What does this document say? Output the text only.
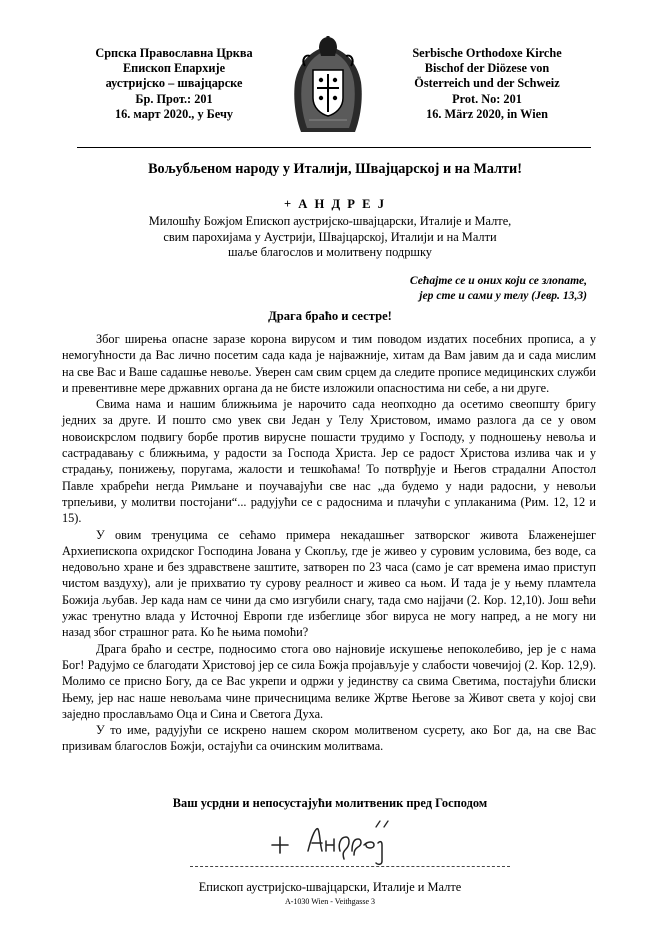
Српска Православна Црква
Епископ Епархије
аустријско – швајцарске
Бр. Прот.: 201
16. март 2020., у Бечу
Serbische Orthodoxe Kirche
Bischof der Diözese von
Österreich und der Schweiz
Prot. No: 201
16. März 2020, in Wien
Вољубљеном народу у Италији, Швајцарској и на Малти!
+ А Н Д Р Е Ј
Милошћу Божјом Епископ аустријско-швајцарски, Италије и Малте,
свим парохијама у Аустрији, Швајцарској, Италији и на Малти
шаље благослов и молитвену подршку
Сећајте се и оних који се злопате,
јер сте и сами у телу (Јевр. 13,3)
Драга браћо и сестре!

Због ширења опасне заразе корона вирусом и тим поводом издатих посебних прописа, а у немогућности да Вас лично посетим сада када је најважније, хитам да Вам јавим да и сада мислим на све Вас и Ваше садашње невоље. Уверен сам свим срцем да следите прописе медицинских служби и превентивне мере државних органа да не бисте изложили опасностима ни себе, а ни друге.

Свима нама и нашим ближњима је нарочито сада неопходно да осетимо свеопшту бригу једних за друге. И пошто смо увек сви Један у Телу Христовом, имамо разлога да се у овом новоискрслом подвигу борбе против вирусне пошасти трудимо у Господу, у подношењу невоља и састрадавању с ближњима, у радости за Господа Христа. Јер се радост Христова излива чак и у страдању, понижењу, поругама, жалости и тешкоћама! То потврђује и Његов страдални Апостол Павле храбрећи негда Римљане и поучавајући све нас „да будемо у нади радосни, у невољи трпељиви, у молитви постојани“... радујући се с радоснима и плачући с уплаканима (Рим. 12, 12 и 15).

У овим тренуцима се сећамо примера некадашњег затворског живота Блаженејшег Архиепископа охридског Господина Јована у Скопљу, где је живео у суровим условима, без воде, са недовољно хране и без здравствене заштите, затворен по 23 часа (само је сат времена имао приступ чистом ваздуху), али је прихватио ту сурову реалност и живео са њом. И тада је у њему пламтела Божија љубав. Јер када нам се чини да смо изгубили снагу, тада смо најјачи (2. Кор. 12,10). Још већи ужас тренутно влада у Источној Европи где избеглице због вируса не могу напред, а не могу ни назад због страшног рата. Ко ће њима помоћи?

Драга браћо и сестре, подносимо стога ово најновије искушење непоколебиво, јер је с нама Бог! Радујмо се благодати Христовој јер се сила Божја пројављује у слабости човечијој (2. Кор. 12,9). Молимо се присно Богу, да се Вас укрепи и одржи у јединству са свима Светима, постајући блиски Њему, јер нас наше невољама чине причесницима велике Жртве Његове за Живот света у којој сви заједно прослављамо Оца и Сина и Светога Духа.

У то име, радујући се искрено нашем скором молитвеном сусрету, ако Бог да, на све Вас призивам благослов Божји, остајући са очинским молитвама.

Ваш усрдни и непосустајући молитвеник пред Господом
Епископ аустријско-швајцарски, Италије и Малте
A-1030 Wien - Veithgasse 3
